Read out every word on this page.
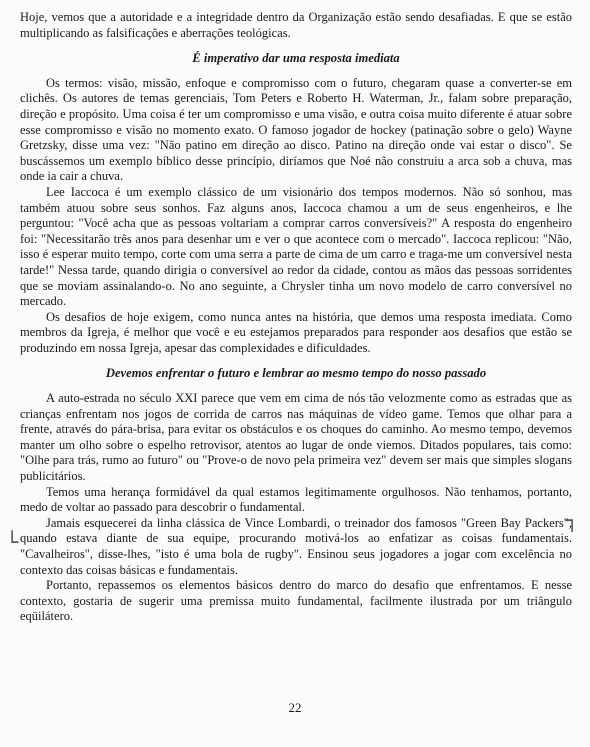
Hoje, vemos que a autoridade e a integridade dentro da Organização estão sendo desafiadas. E que se estão multiplicando as falsificações e aberrações teológicas.

É imperativo dar uma resposta imediata

Os termos: visão, missão, enfoque e compromisso com o futuro, chegaram quase a converter-se em clichês. Os autores de temas gerenciais, Tom Peters e Roberto H. Waterman, Jr., falam sobre preparação, direção e propósito. Uma coisa é ter um compromisso e uma visão, e outra coisa muito diferente é atuar sobre esse compromisso e visão no momento exato. O famoso jogador de hockey (patinação sobre o gelo) Wayne Gretzsky, disse uma vez: "Não patino em direção ao disco. Patino na direção onde vai estar o disco". Se buscássemos um exemplo bíblico desse princípio, diríamos que Noé não construiu a arca sob a chuva, mas onde ia cair a chuva.

Lee Iaccoca é um exemplo clássico de um visionário dos tempos modernos. Não só sonhou, mas também atuou sobre seus sonhos. Faz alguns anos, Iaccoca chamou a um de seus engenheiros, e lhe perguntou: "Você acha que as pessoas voltariam a comprar carros conversíveis?" A resposta do engenheiro foi: "Necessitarão três anos para desenhar um e ver o que acontece com o mercado". Iaccoca replicou: "Não, isso é esperar muito tempo, corte com uma serra a parte de cima de um carro e traga-me um conversível nesta tarde!" Nessa tarde, quando dirigia o conversível ao redor da cidade, contou as mãos das pessoas sorridentes que se moviam assinalando-o. No ano seguinte, a Chrysler tinha um novo modelo de carro conversível no mercado.

Os desafios de hoje exigem, como nunca antes na história, que demos uma resposta imediata. Como membros da Igreja, é melhor que você e eu estejamos preparados para responder aos desafios que estão se produzindo em nossa Igreja, apesar das complexidades e dificuldades.

Devemos enfrentar o futuro e lembrar ao mesmo tempo do nosso passado

A auto-estrada no século XXI parece que vem em cima de nós tão velozmente como as estradas que as crianças enfrentam nos jogos de corrida de carros nas máquinas de vídeo game. Temos que olhar para a frente, através do pára-brisa, para evitar os obstáculos e os choques do caminho. Ao mesmo tempo, devemos manter um olho sobre o espelho retrovisor, atentos ao lugar de onde viemos. Ditados populares, tais como: "Olhe para trás, rumo ao futuro" ou "Prove-o de novo pela primeira vez" devem ser mais que simples slogans publicitários.

Temos uma herança formidável da qual estamos legitimamente orgulhosos. Não tenhamos, portanto, medo de voltar ao passado para descobrir o fundamental.

Jamais esquecerei da linha clássica de Vince Lombardi, o treinador dos famosos "Green Bay Packers", quando estava diante de sua equipe, procurando motivá-los ao enfatizar as coisas fundamentais. "Cavalheiros", disse-lhes, "isto é uma bola de rugby". Ensinou seus jogadores a jogar com excelência no contexto das coisas básicas e fundamentais.

Portanto, repassemos os elementos básicos dentro do marco do desafio que enfrentamos. E nesse contexto, gostaria de sugerir uma premissa muito fundamental, facilmente ilustrada por um triângulo eqüilátero.

┐
└
22
